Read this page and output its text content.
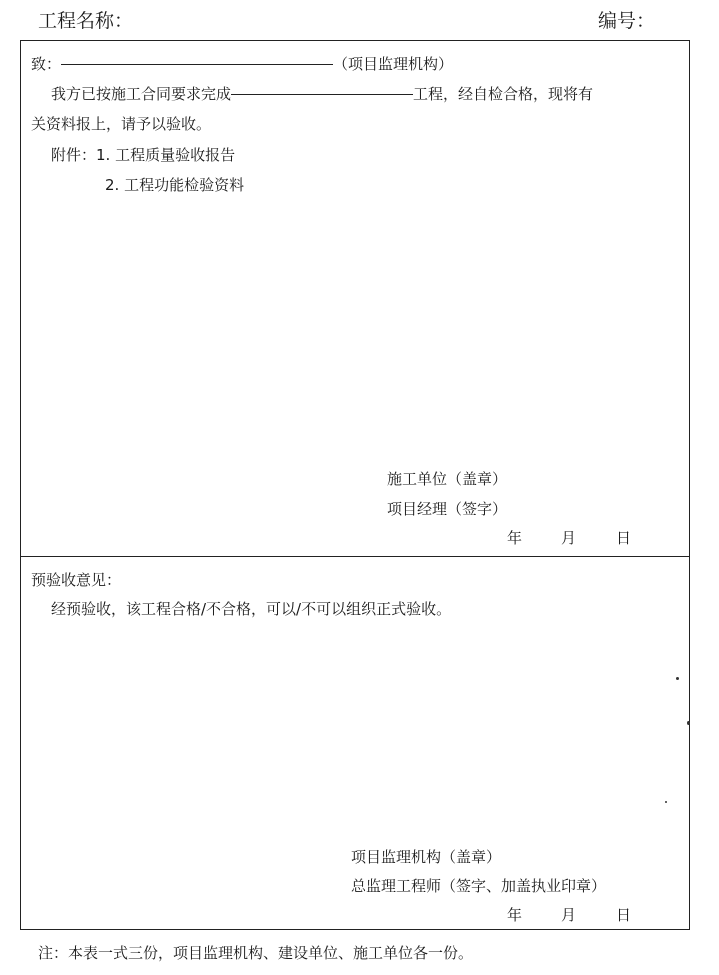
工程名称：	编号：
致：	（项目监理机构）
我方已按施工合同要求完成	工程，经自检合格，现将有
关资料报上，请予以验收。
附件：1. 工程质量验收报告
2. 工程功能检验资料
施工单位（盖章）
项目经理（签字）
年	月	日
预验收意见：
经预验收，该工程合格/不合格，可以/不可以组织正式验收。
项目监理机构（盖章）
总监理工程师（签字、加盖执业印章）
年	月	日
注：本表一式三份，项目监理机构、建设单位、施工单位各一份。
